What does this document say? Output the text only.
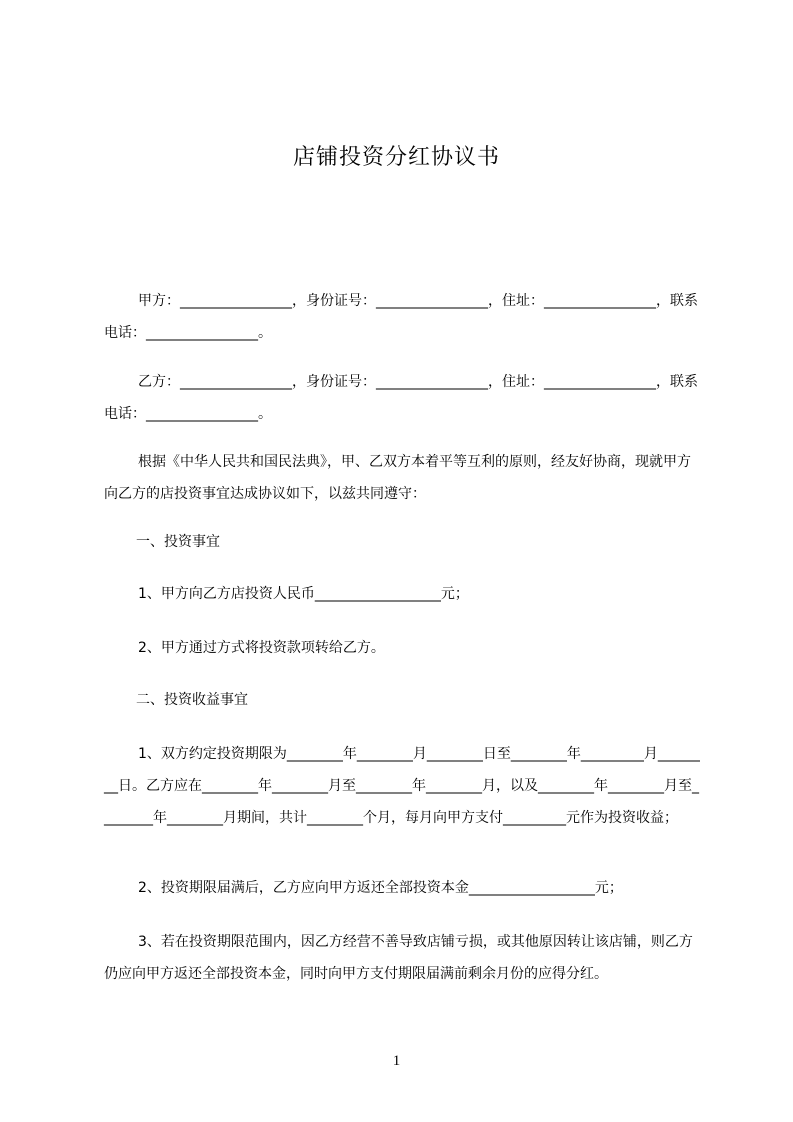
店铺投资分红协议书
甲方：________________，身份证号：________________，住址：________________，联系电话：________________。
乙方：________________，身份证号：________________，住址：________________，联系电话：________________。
根据《中华人民共和国民法典》，甲、乙双方本着平等互利的原则，经友好协商，现就甲方向乙方的店投资事宜达成协议如下，以兹共同遵守：
一、投资事宜
1、甲方向乙方店投资人民币__________________元；
2、甲方通过方式将投资款项转给乙方。
二、投资收益事宜
1、双方约定投资期限为________年________月________日至________年_________月________日。乙方应在________年________月至________年________月，以及________年________月至________年________月期间，共计________个月，每月向甲方支付_________元作为投资收益；
2、投资期限届满后，乙方应向甲方返还全部投资本金__________________元；
3、若在投资期限范围内，因乙方经营不善导致店铺亏损，或其他原因转让该店铺，则乙方仍应向甲方返还全部投资本金，同时向甲方支付期限届满前剩余月份的应得分红。
1
